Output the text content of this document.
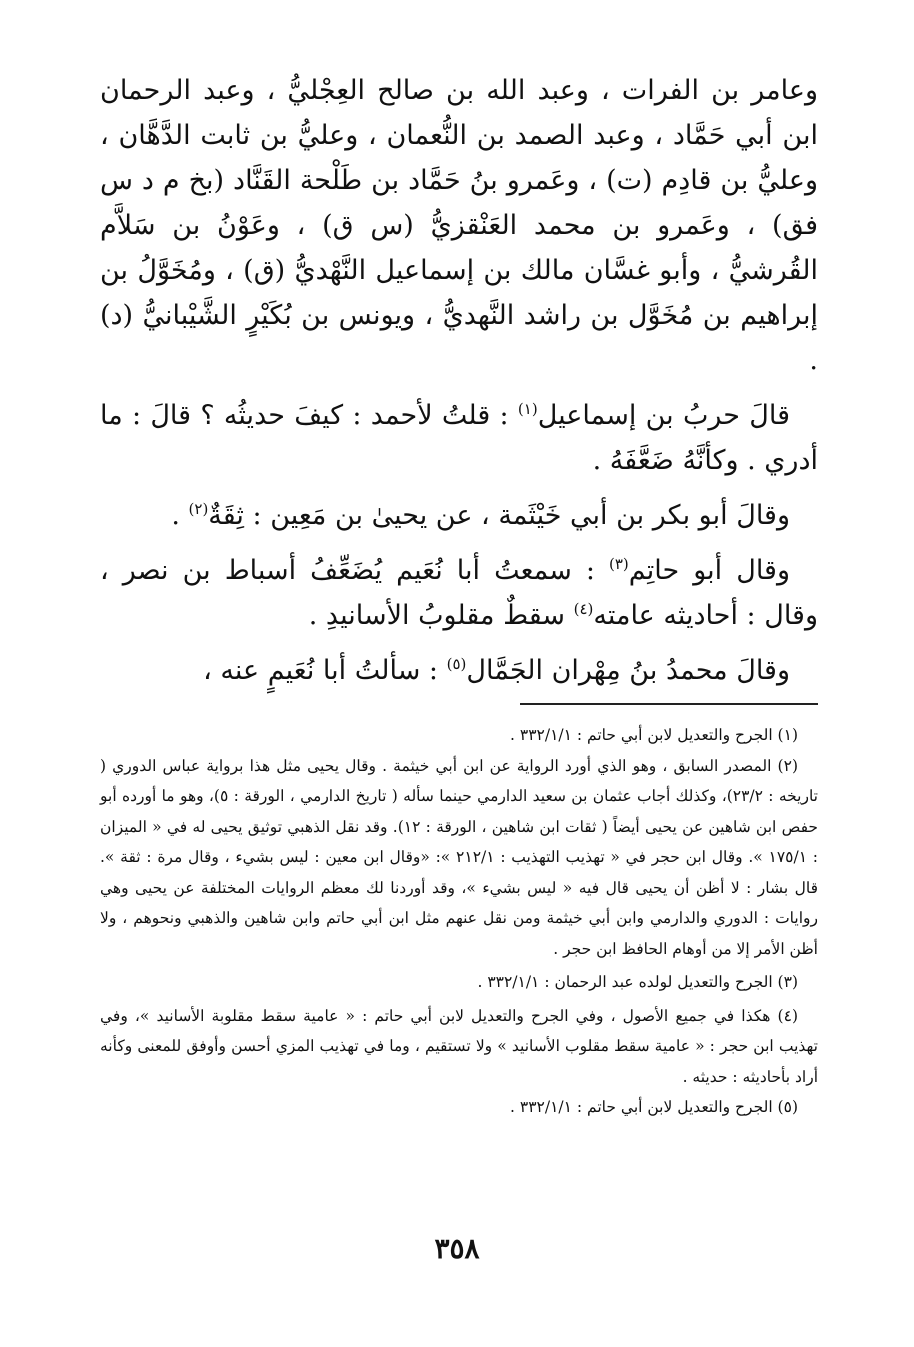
وعامر بن الفرات ، وعبد الله بن صالح العِجْليُّ ، وعبد الرحمان ابن أبي حَمَّاد ، وعبد الصمد بن النُّعمان ، وعليُّ بن ثابت الدَّهَّان ، وعليُّ بن قادِم (ت) ، وعَمرو بنُ حَمَّاد بن طَلْحة القَنَّاد (بخ م د س فق) ، وعَمرو بن محمد العَنْقزيُّ (س ق) ، وعَوْنُ بن سَلاَّم القُرشيُّ ، وأبو غسَّان مالك بن إسماعيل النَّهْديُّ (ق) ، ومُخَوَّلُ بن إبراهيم بن مُخَوَّل بن راشد النَّهديُّ ، ويونس بن بُكَيْرٍ الشَّيْبانيُّ (د) .

قالَ حربُ بن إسماعيل$^{(١)}$ : قلتُ لأحمد : كيفَ حديثُه ؟ قالَ : ما أدري . وكأنَّهُ ضَعَّفَهُ .

وقالَ أبو بكر بن أبي خَيْثَمة ، عن يحيىٰ بن مَعِين : ثِقَةٌ$^{(٢)}$ .

وقال أبو حاتِم$^{(٣)}$ : سمعتُ أبا نُعَيم يُضَعِّفُ أسباط بن نصر ، وقال : أحاديثه عامته$^{(٤)}$ سقطٌ مقلوبُ الأسانيدِ .

وقالَ محمدُ بنُ مِهْران الجَمَّال$^{(٥)}$ : سألتُ أبا نُعَيمٍ عنه ،

(١) الجرح والتعديل لابن أبي حاتم : ٣٣٢/١/١ .

(٢) المصدر السابق ، وهو الذي أورد الرواية عن ابن أبي خيثمة . وقال يحيى مثل هذا برواية عباس الدوري ( تاريخه : ٢٣/٢)، وكذلك أجاب عثمان بن سعيد الدارمي حينما سأله ( تاريخ الدارمي ، الورقة : ٥)، وهو ما أورده أبو حفص ابن شاهين عن يحيى أيضاً ( ثقات ابن شاهين ، الورقة : ١٢). وقد نقل الذهبي توثيق يحيى له في « الميزان : ١٧٥/١ ». وقال ابن حجر في « تهذيب التهذيب : ٢١٢/١ »: «وقال ابن معين : ليس بشيء ، وقال مرة : ثقة ». قال بشار : لا أظن أن يحيى قال فيه « ليس بشيء »، وقد أوردنا لك معظم الروايات المختلفة عن يحيى وهي روايات : الدوري والدارمي وابن أبي خيثمة ومن نقل عنهم مثل ابن أبي حاتم وابن شاهين والذهبي ونحوهم ، ولا أظن الأمر إلا من أوهام الحافظ ابن حجر .

(٣) الجرح والتعديل لولده عبد الرحمان : ٣٣٢/١/١ .

(٤) هكذا في جميع الأصول ، وفي الجرح والتعديل لابن أبي حاتم : « عامية سقط مقلوبة الأسانيد »، وفي تهذيب ابن حجر : « عامية سقط مقلوب الأسانيد » ولا تستقيم ، وما في تهذيب المزي أحسن وأوفق للمعنى وكأنه أراد بأحاديثه : حديثه .

(٥) الجرح والتعديل لابن أبي حاتم : ٣٣٢/١/١ .

٣٥٨
